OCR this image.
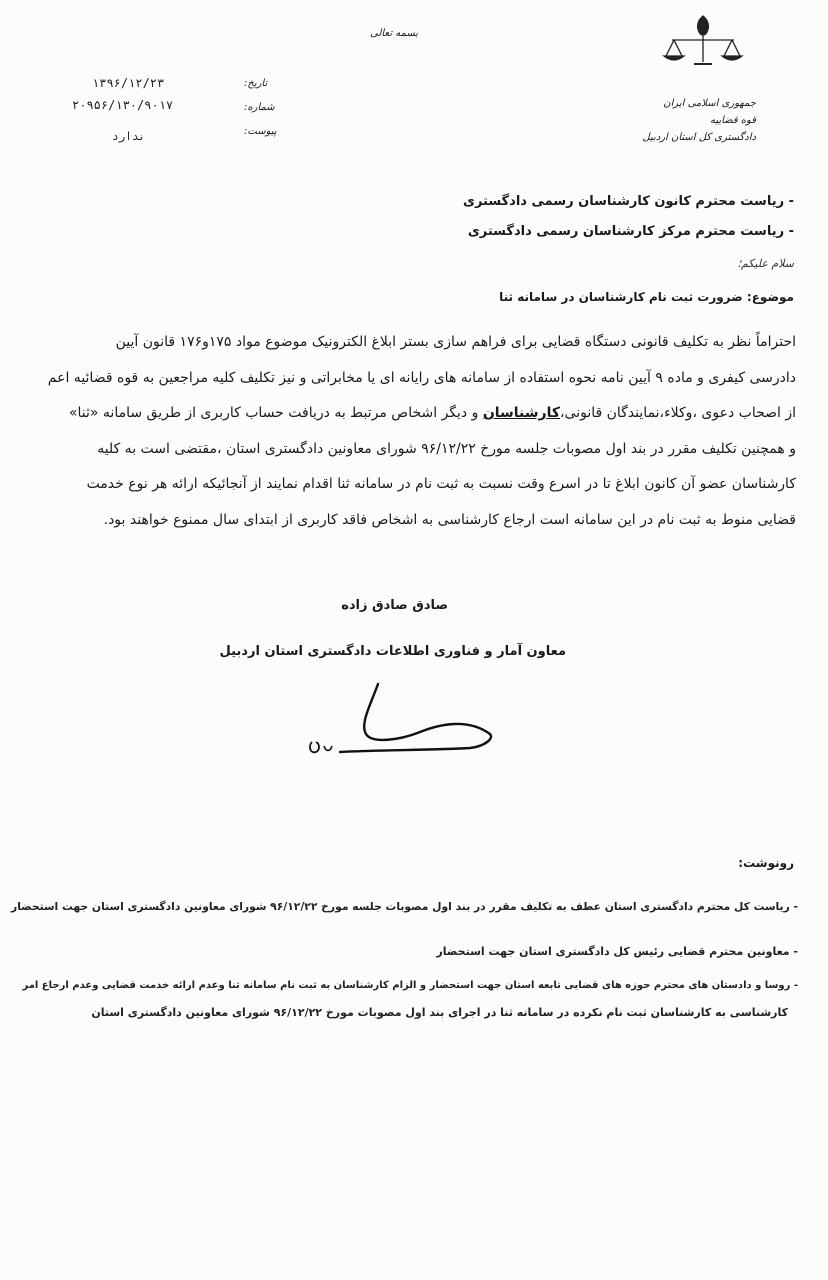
جمهوری اسلامی ایران
قوه قضاییه
دادگستری کل استان اردبیل
بسمه تعالی
تاریخ:
شماره:
پیوست:
۱۳۹۶/۱۲/۲۳
۲۰۹۵۶/۱۳۰/۹۰۱۷
ندارد
- ریاست محترم کانون کارشناسان رسمی دادگستری
- ریاست محترم مرکز کارشناسان رسمی دادگستری
سلام علیکم؛
موضوع: ضرورت ثبت نام کارشناسان در سامانه ثنا
احتراماً نظر به تکلیف قانونی دستگاه قضایی برای فراهم سازی بستر ابلاغ الکترونیک موضوع مواد ۱۷۵و۱۷۶ قانون آیین
دادرسی کیفری و ماده ۹ آیین نامه نحوه استفاده از سامانه های رایانه ای یا مخابراتی و نیز تکلیف کلیه مراجعین به قوه قضائیه اعم
از اصحاب دعوی ،وکلاء،نمایندگان قانونی،کارشناسان و دیگر اشخاص مرتبط به دریافت حساب کاربری از طریق سامانه «ثنا»
و همچنین تکلیف مقرر در بند اول مصوبات جلسه مورخ ۹۶/۱۲/۲۲ شورای معاونین دادگستری استان ،مقتضی است به کلیه
کارشناسان عضو آن کانون ابلاغ تا در اسرع وقت نسبت به ثبت نام در سامانه ثنا اقدام نمایند از آنجائیکه ارائه هر نوع خدمت
قضایی منوط به ثبت نام در این سامانه است ارجاع کارشناسی به اشخاص فاقد کاربری از ابتدای سال ممنوع خواهند بود.
صادق صادق زاده
معاون آمار و فناوری اطلاعات دادگستری استان اردبیل
رونوشت:
- ریاست کل محترم دادگستری استان عطف به تکلیف مقرر در بند اول مصوبات جلسه مورخ ۹۶/۱۲/۲۲ شورای معاونین دادگستری استان جهت استحضار
- معاونین محترم قضایی رئیس کل دادگستری استان جهت استحضار
- روسا و دادستان های محترم حوزه های قضایی تابعه استان جهت استحضار و الزام کارشناسان به ثبت نام سامانه ثنا وعدم ارائه خدمت قضایی وعدم ارجاع امر
کارشناسی به کارشناسان ثبت نام نکرده در سامانه ثنا در اجرای بند اول مصوبات مورخ ۹۶/۱۲/۲۲ شورای معاونین دادگستری استان
